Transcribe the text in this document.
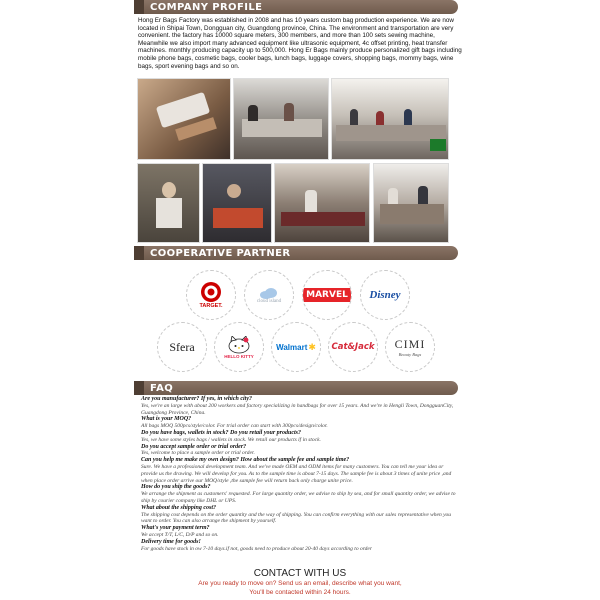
COMPANY PROFILE
Hong Er Bags Factory was established in 2008 and has 10 years custom bag production experience. We are now located in Shipai Town, Dongguan city, Guangdong province, China. The environment and transportation are very convenient. the factory has 10000 square meters, 300 members, and more than 100 sets sewing machine, Meanwhile we also import many advanced equipment like ultrasonic equipment, 4c offset printing, heat transfer machines. monthly producing capacity up to 500,000. Hong Er Bags mainly produce personalized gift bags including mobile phone bags, cosmetic bags, cooler bags, lunch bags, luggage covers, shopping bags, mommy bags, wine bags, sport evening bags and so on.
COOPERATIVE PARTNER
TARGET.
cloud island
MARVEL Disney
Sfera
HELLO KITTY
Walmart ✱ Cat&Jack CIMI
Beauty Bags
FAQ
Are you manufacturer? If yes, in which city?
Yes, we're an large with about 200 workers and factory specializing in handbags for over 15 years. And we're in Hengli Town, DongguanCity, Guangdong Province, China.
What is your MOQ?
All bags MOQ 500pcs/style/color. For trial order can start with 300pcs/design/color.
Do you have bags, wallets in stock? Do you retail your products?
Yes, we have some styles bags / wallets in stock. We retail our products if in stock.
Do you accept sample order or trial order?
Yes, welcome to place a sample order or trial order.
Can you help me make my own design? How about the sample fee and sample time?
Sure. We have a professional development team. And we've made OEM and ODM items for many customers. You can tell me your idea or provide us the drawing. We will develop for you. As to the sample time is about 7-15 days. The sample fee is about 3 times of unite price ,and when place order arrive our MOQ/style ,the sample fee will return back only charge unite price.
How do you ship the goods?
We arrange the shipment as customers' requested. For large quantity order, we advise to ship by sea, and for small quantity order, we advise to ship by courier company like DHL or UPS.
What about the shipping cost?
The shipping cost depends on the order quantity and the way of shipping. You can confirm everything with our sales representative when you want to order. You can also arrange the shipment by yourself.
What's your payment term?
We accept T/T, L/C, D/P and so on.
Delivery time for goods!
For goods have stock in ow 7-10 days.if not, goods need to produce about 20-40 days according to order
CONTACT WITH US
Are you ready to move on? Send us an email, describe what you want,
You'll be contacted within 24 hours.
